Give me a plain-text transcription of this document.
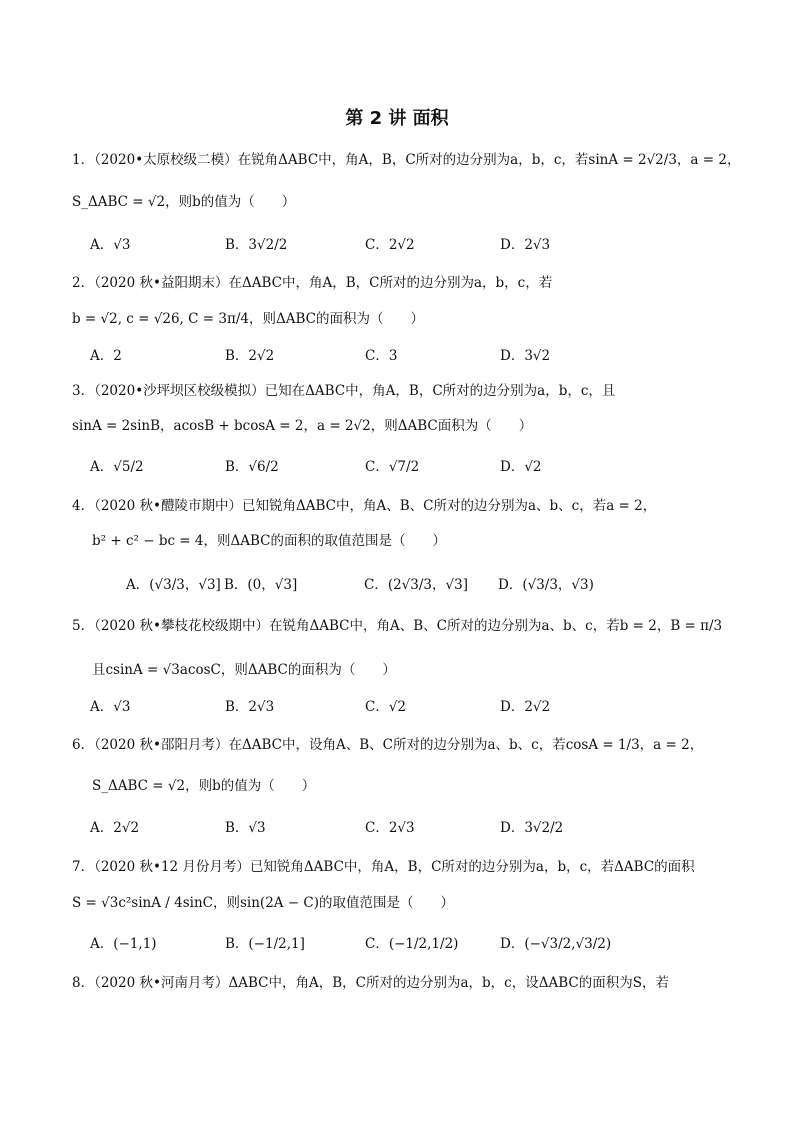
第 2 讲 面积
1．（2020•太原校级二模）在锐角ΔABC中，角A，B，C所对的边分别为a，b，c，若sinA = 2√2/3，a = 2，
S_ΔABC = √2，则b的值为（　　）
A．√3	B．3√2/2	C．2√2	D．2√3
2．（2020 秋•益阳期末）在ΔABC中，角A，B，C所对的边分别为a，b，c，若
b = √2, c = √26, C = 3π/4，则ΔABC的面积为（　　）
A．2	B．2√2	C．3	D．3√2
3．（2020•沙坪坝区校级模拟）已知在ΔABC中，角A，B，C所对的边分别为a，b，c，且
sinA = 2sinB，acosB + bcosA = 2，a = 2√2，则ΔABC面积为（　　）
A．√5/2	B．√6/2	C．√7/2	D．√2
4．（2020 秋•醴陵市期中）已知锐角ΔABC中，角A、B、C所对的边分别为a、b、c，若a = 2，
b² + c² − bc = 4，则ΔABC的面积的取值范围是（　　）
A．(√3/3，√3] B．(0，√3]	C．(2√3/3，√3] D．(√3/3，√3)
5．（2020 秋•攀枝花校级期中）在锐角ΔABC中，角A、B、C所对的边分别为a、b、c，若b = 2，B = π/3
且csinA = √3acosC，则ΔABC的面积为（　　）
A．√3	B．2√3	C．√2	D．2√2
6．（2020 秋•邵阳月考）在ΔABC中，设角A、B、C所对的边分别为a、b、c，若cosA = 1/3，a = 2，
S_ΔABC = √2，则b的值为（　　）
A．2√2	B．√3	C．2√3	D．3√2/2
7．（2020 秋•12 月份月考）已知锐角ΔABC中，角A，B，C所对的边分别为a，b，c，若ΔABC的面积
S = √3c²sinA / 4sinC，则sin(2A − C)的取值范围是（　　）
A．(−1,1)	B．(−1/2,1]	C．(−1/2,1/2)	D．(−√3/2,√3/2)
8．（2020 秋•河南月考）ΔABC中，角A，B，C所对的边分别为a，b，c，设ΔABC的面积为S，若
